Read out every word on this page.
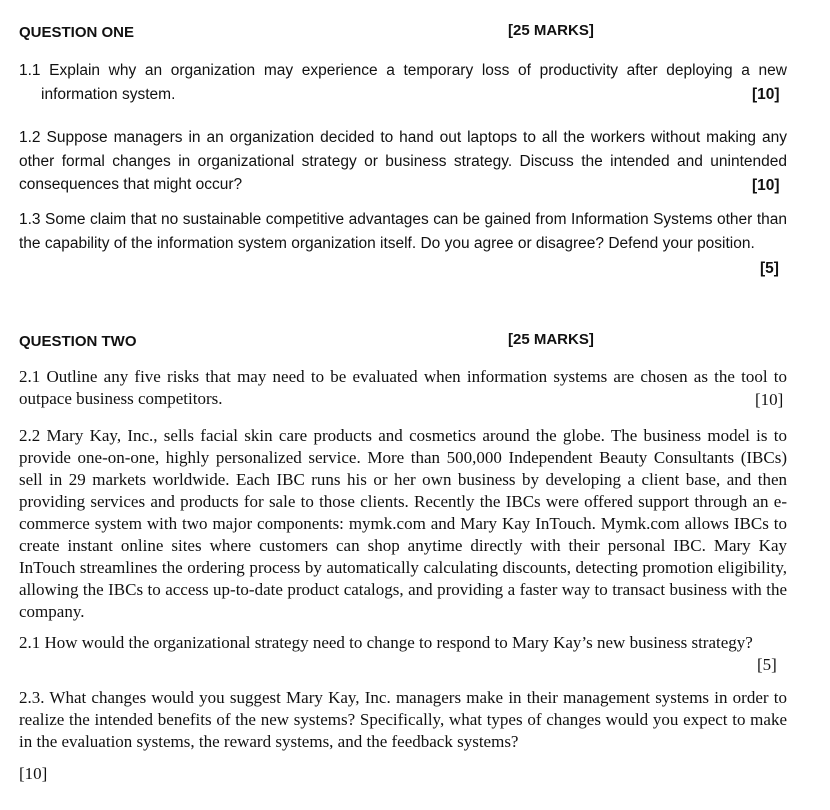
QUESTION ONE	[25 MARKS]
1.1 Explain why an organization may experience a temporary loss of productivity after deploying a new information system.	[10]
1.2 Suppose managers in an organization decided to hand out laptops to all the workers without making any other formal changes in organizational strategy or business strategy. Discuss the intended and unintended consequences that might occur?	[10]
1.3 Some claim that no sustainable competitive advantages can be gained from Information Systems other than the capability of the information system organization itself. Do you agree or disagree? Defend your position.
[5]
QUESTION TWO	[25 MARKS]
2.1 Outline any five risks that may need to be evaluated when information systems are chosen as the tool to outpace business competitors.	[10]
2.2 Mary Kay, Inc., sells facial skin care products and cosmetics around the globe. The business model is to provide one-on-one, highly personalized service. More than 500,000 Independent Beauty Consultants (IBCs) sell in 29 markets worldwide. Each IBC runs his or her own business by developing a client base, and then providing services and products for sale to those clients. Recently the IBCs were offered support through an e-commerce system with two major components: mymk.com and Mary Kay InTouch. Mymk.com allows IBCs to create instant online sites where customers can shop anytime directly with their personal IBC. Mary Kay InTouch streamlines the ordering process by automatically calculating discounts, detecting promotion eligibility, allowing the IBCs to access up-to-date product catalogs, and providing a faster way to transact business with the company.
2.1 How would the organizational strategy need to change to respond to Mary Kay’s new business strategy?
[5]
2.3. What changes would you suggest Mary Kay, Inc. managers make in their management systems in order to realize the intended benefits of the new systems? Specifically, what types of changes would you expect to make in the evaluation systems, the reward systems, and the feedback systems?
[10]
